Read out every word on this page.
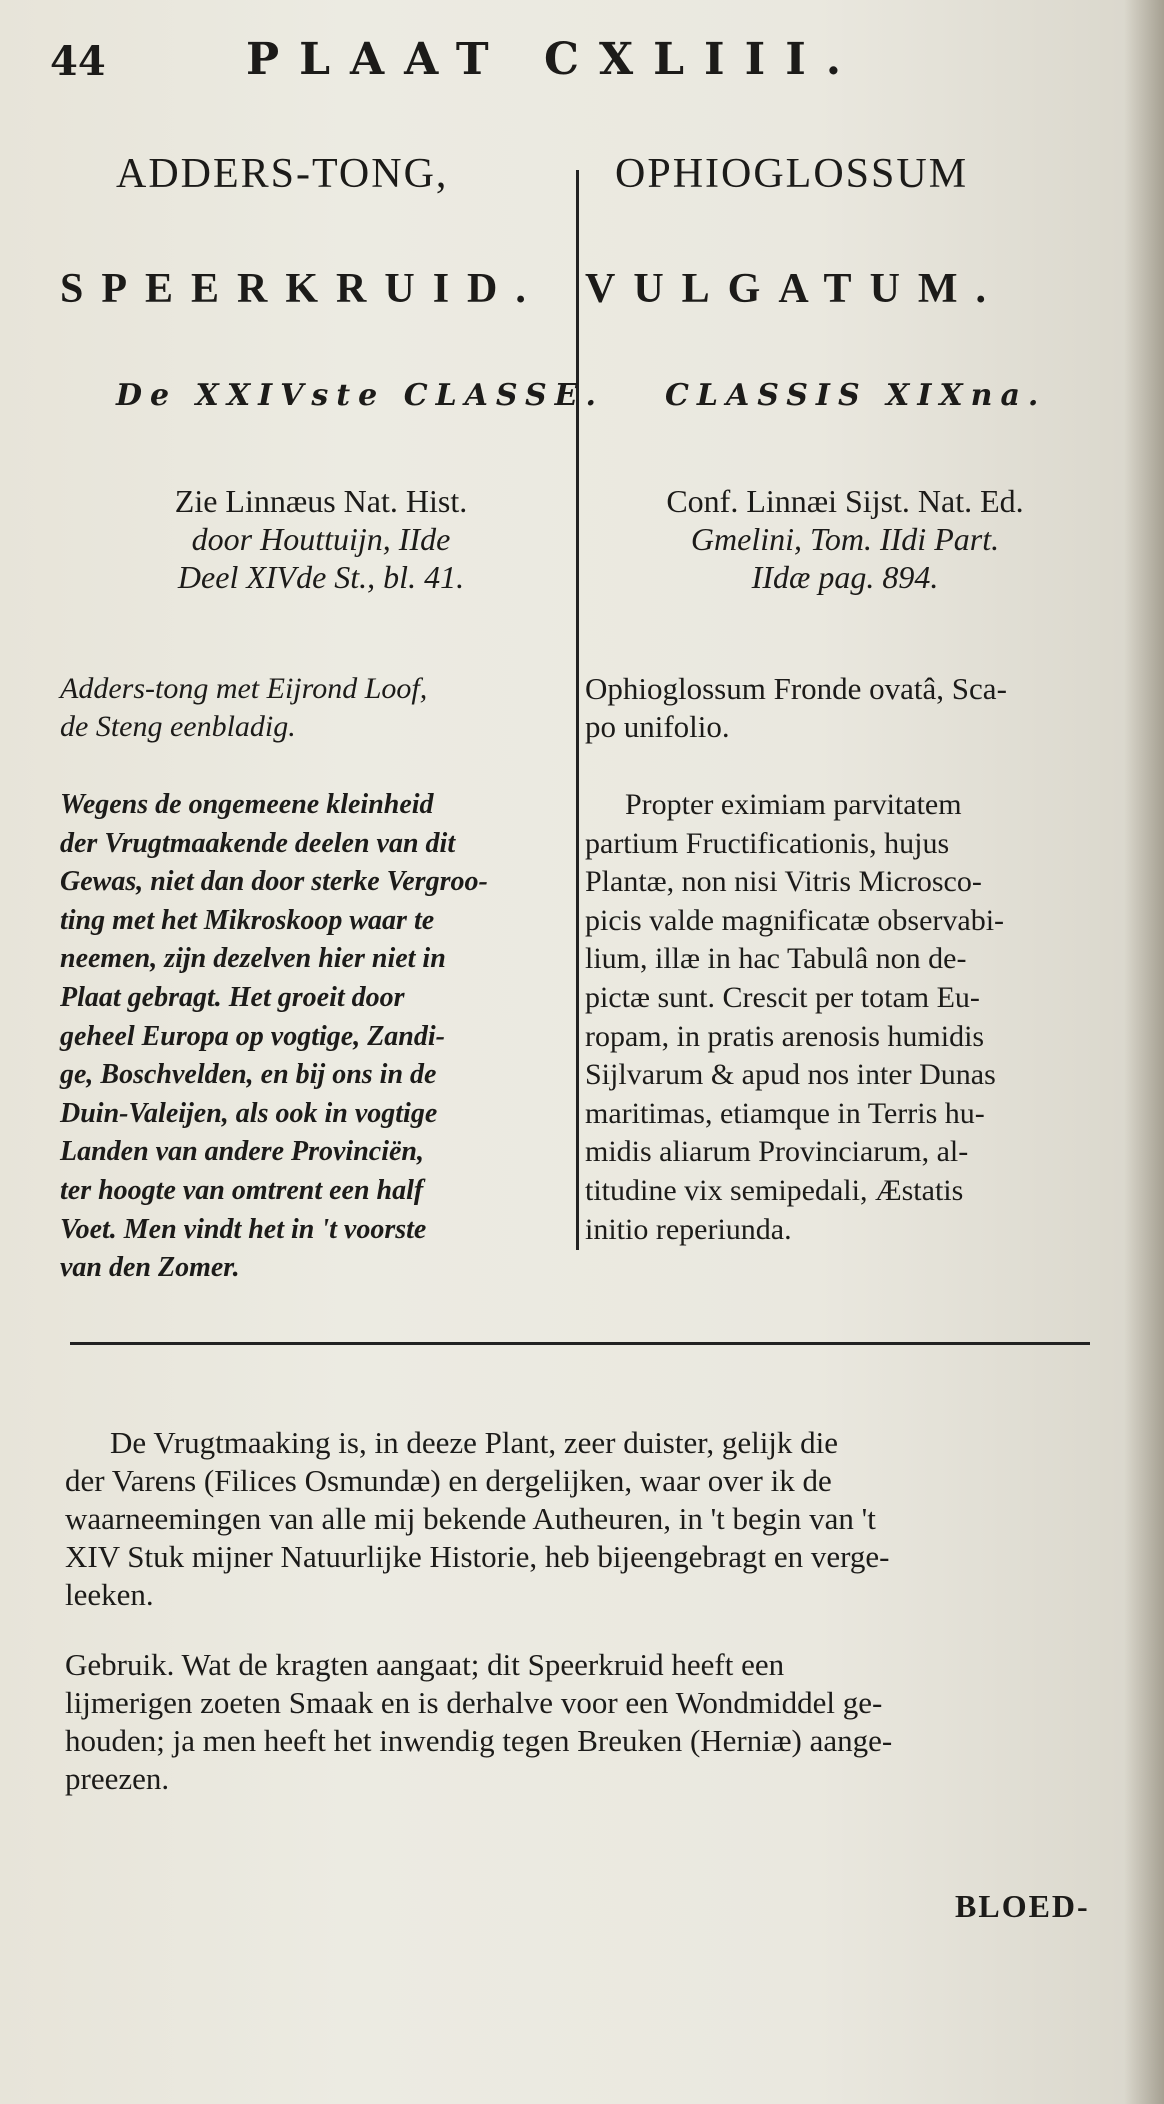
44	PLAAT CXLIII.
ADDERS-TONG,
SPEERKRUID.
De XXIVste CLASSE.
Zie Linnæus Nat. Hist.
door Houttuijn, IIde
Deel XIVde St., bl. 41.
Adders-tong met Eijrond Loof,
de Steng eenbladig.
Wegens de ongemeene kleinheid
der Vrugtmaakende deelen van dit
Gewas, niet dan door sterke Vergroo-
ting met het Mikroskoop waar te
neemen, zijn dezelven hier niet in
Plaat gebragt. Het groeit door
geheel Europa op vogtige, Zandi-
ge, Boschvelden, en bij ons in de
Duin-Valeijen, als ook in vogtige
Landen van andere Provinciën,
ter hoogte van omtrent een half
Voet. Men vindt het in 't voorste
van den Zomer.
OPHIOGLOSSUM
VULGATUM.
CLASSIS XIXna.
Conf. Linnæi Sijst. Nat. Ed.
Gmelini, Tom. IIdi Part.
IIdæ pag. 894.
Ophioglossum Fronde ovatâ, Sca-
po unifolio.
Propter eximiam parvitatem
partium Fructificationis, hujus
Plantæ, non nisi Vitris Microsco-
picis valde magnificatæ observabi-
lium, illæ in hac Tabulâ non de-
pictæ sunt. Crescit per totam Eu-
ropam, in pratis arenosis humidis
Sijlvarum & apud nos inter Dunas
maritimas, etiamque in Terris hu-
midis aliarum Provinciarum, al-
titudine vix semipedali, Æstatis
initio reperiunda.
De Vrugtmaaking is, in deeze Plant, zeer duister, gelijk die
der Varens (Filices Osmundæ) en dergelijken, waar over ik de
waarneemingen van alle mij bekende Autheuren, in 't begin van 't
XIV Stuk mijner Natuurlijke Historie, heb bijeengebragt en verge-
leeken.
Gebruik. Wat de kragten aangaat; dit Speerkruid heeft een
lijmerigen zoeten Smaak en is derhalve voor een Wondmiddel ge-
houden; ja men heeft het inwendig tegen Breuken (Herniæ) aange-
preezen.
BLOED-
